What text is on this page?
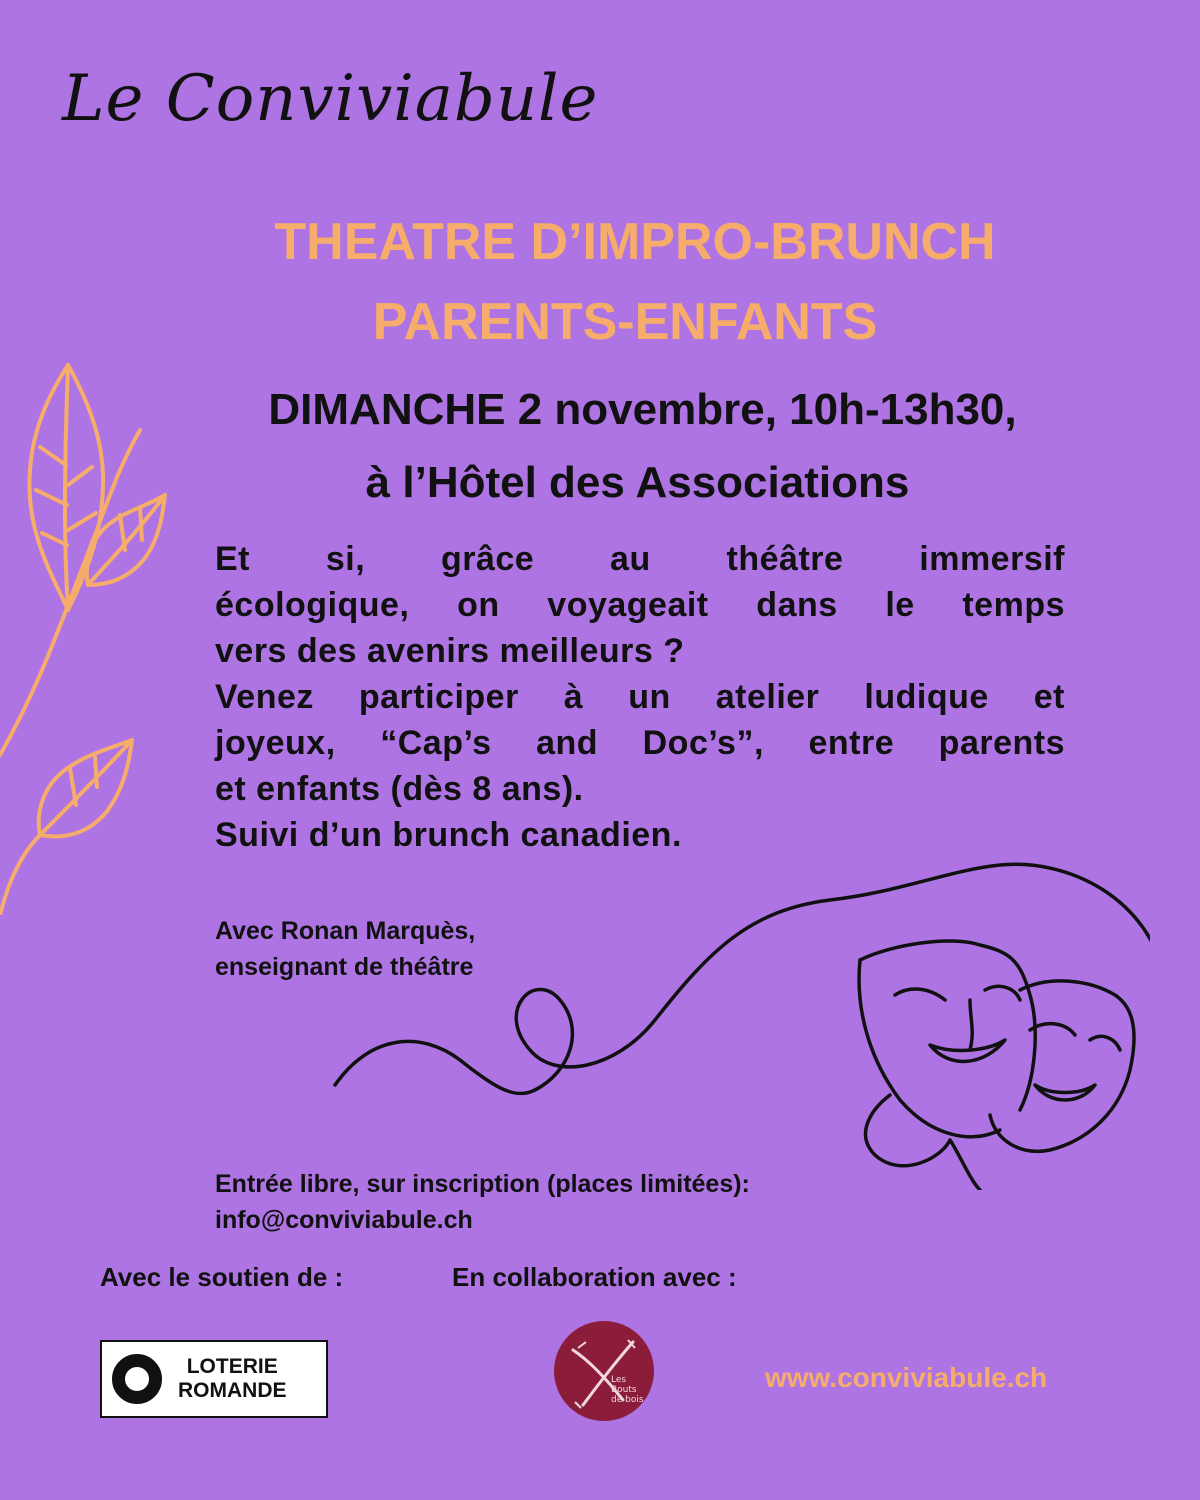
Le Conviviabule
THEATRE D’IMPRO-BRUNCH
PARENTS-ENFANTS
DIMANCHE 2 novembre, 10h-13h30,
à l’Hôtel des Associations

Et si, grâce au théâtre immersif

écologique, on voyageait dans le temps

vers des avenirs meilleurs ?

Venez participer à un atelier ludique et

joyeux, “Cap’s and Doc’s”, entre parents

et enfants (dès 8 ans).

Suivi d’un brunch canadien.

Avec Ronan Marquès,
enseignant de théâtre
Entrée libre, sur inscription (places limitées):
info@conviviabule.ch
Avec le soutien de :	En collaboration avec :
LOTERIE
ROMANDE	Les
Bouts
de bois
www.conviviabule.ch
